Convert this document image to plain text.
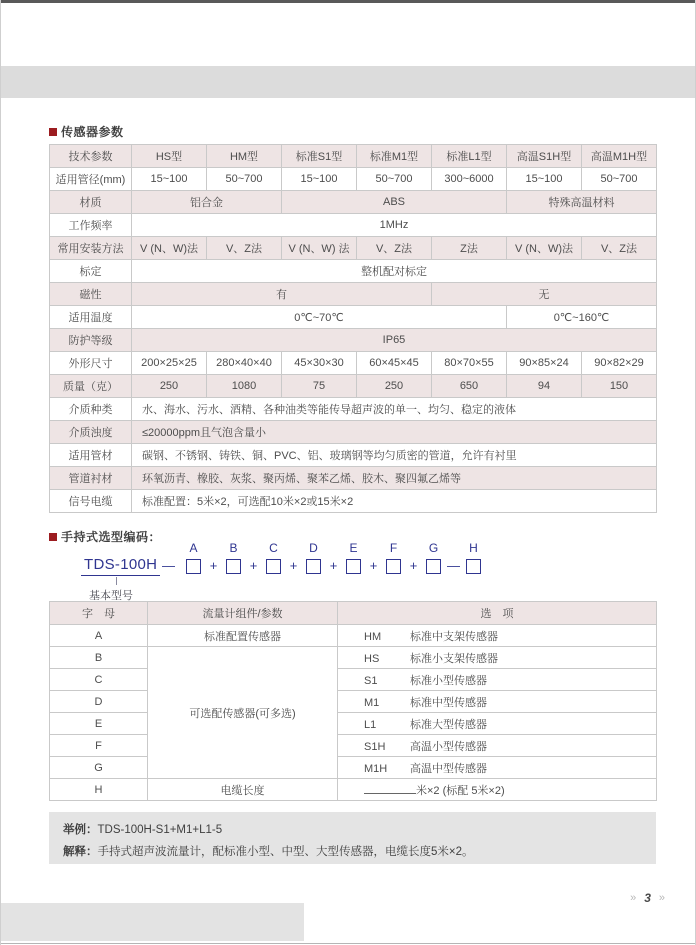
传感器参数
技术参数	HS型	HM型	标准S1型	标准M1型	标准L1型	高温S1H型	高温M1H型
适用管径(mm)	15~100	50~700	15~100	50~700	300~6000	15~100	50~700
材质	铝合金		ABS			特殊高温材料	
工作频率	1MHz						
常用安装方法	V (N、W)法	V、Z法	V (N、W) 法	V、Z法	Z法	V (N、W)法	V、Z法
标定	整机配对标定						
磁性	有				无		
适用温度	0℃~70℃					0℃~160℃	
防护等级	IP65						
外形尺寸	200×25×25	280×40×40	45×30×30	60×45×45	80×70×55	90×85×24	90×82×29
质量（克）	250	1080	75	250	650	94	150
介质种类	水、海水、污水、酒精、各种油类等能传导超声波的单一、均匀、稳定的液体						
介质浊度	≤20000ppm且气泡含量小						
适用管材	碳钢、不锈钢、铸铁、铜、PVC、铝、玻璃钢等均匀质密的管道，允许有衬里						
管道衬材	环氧沥青、橡胶、灰浆、聚丙烯、聚苯乙烯、胶木、聚四氟乙烯等						
信号电缆	标准配置：5米×2，可选配10米×2或15米×2						
手持式选型编码：
TDS-100H
基本型号
—
A
+
B
+
C
+
D
+
E
+
F
+
G
—
H
字　母	流量计组件/参数	选　项
A	标准配置传感器	HM 标准中支架传感器
B	可选配传感器(可多选)	HS 标准小支架传感器
C		S1 标准小型传感器
D		M1 标准中型传感器
E		L1 标准大型传感器
F		S1H 高温小型传感器
G		M1H 高温中型传感器
H	电缆长度	米×2 (标配 5米×2)
举例：TDS-100H-S1+M1+L1-5
解释：手持式超声波流量计，配标准小型、中型、大型传感器，电缆长度5米×2。
» 3 »
